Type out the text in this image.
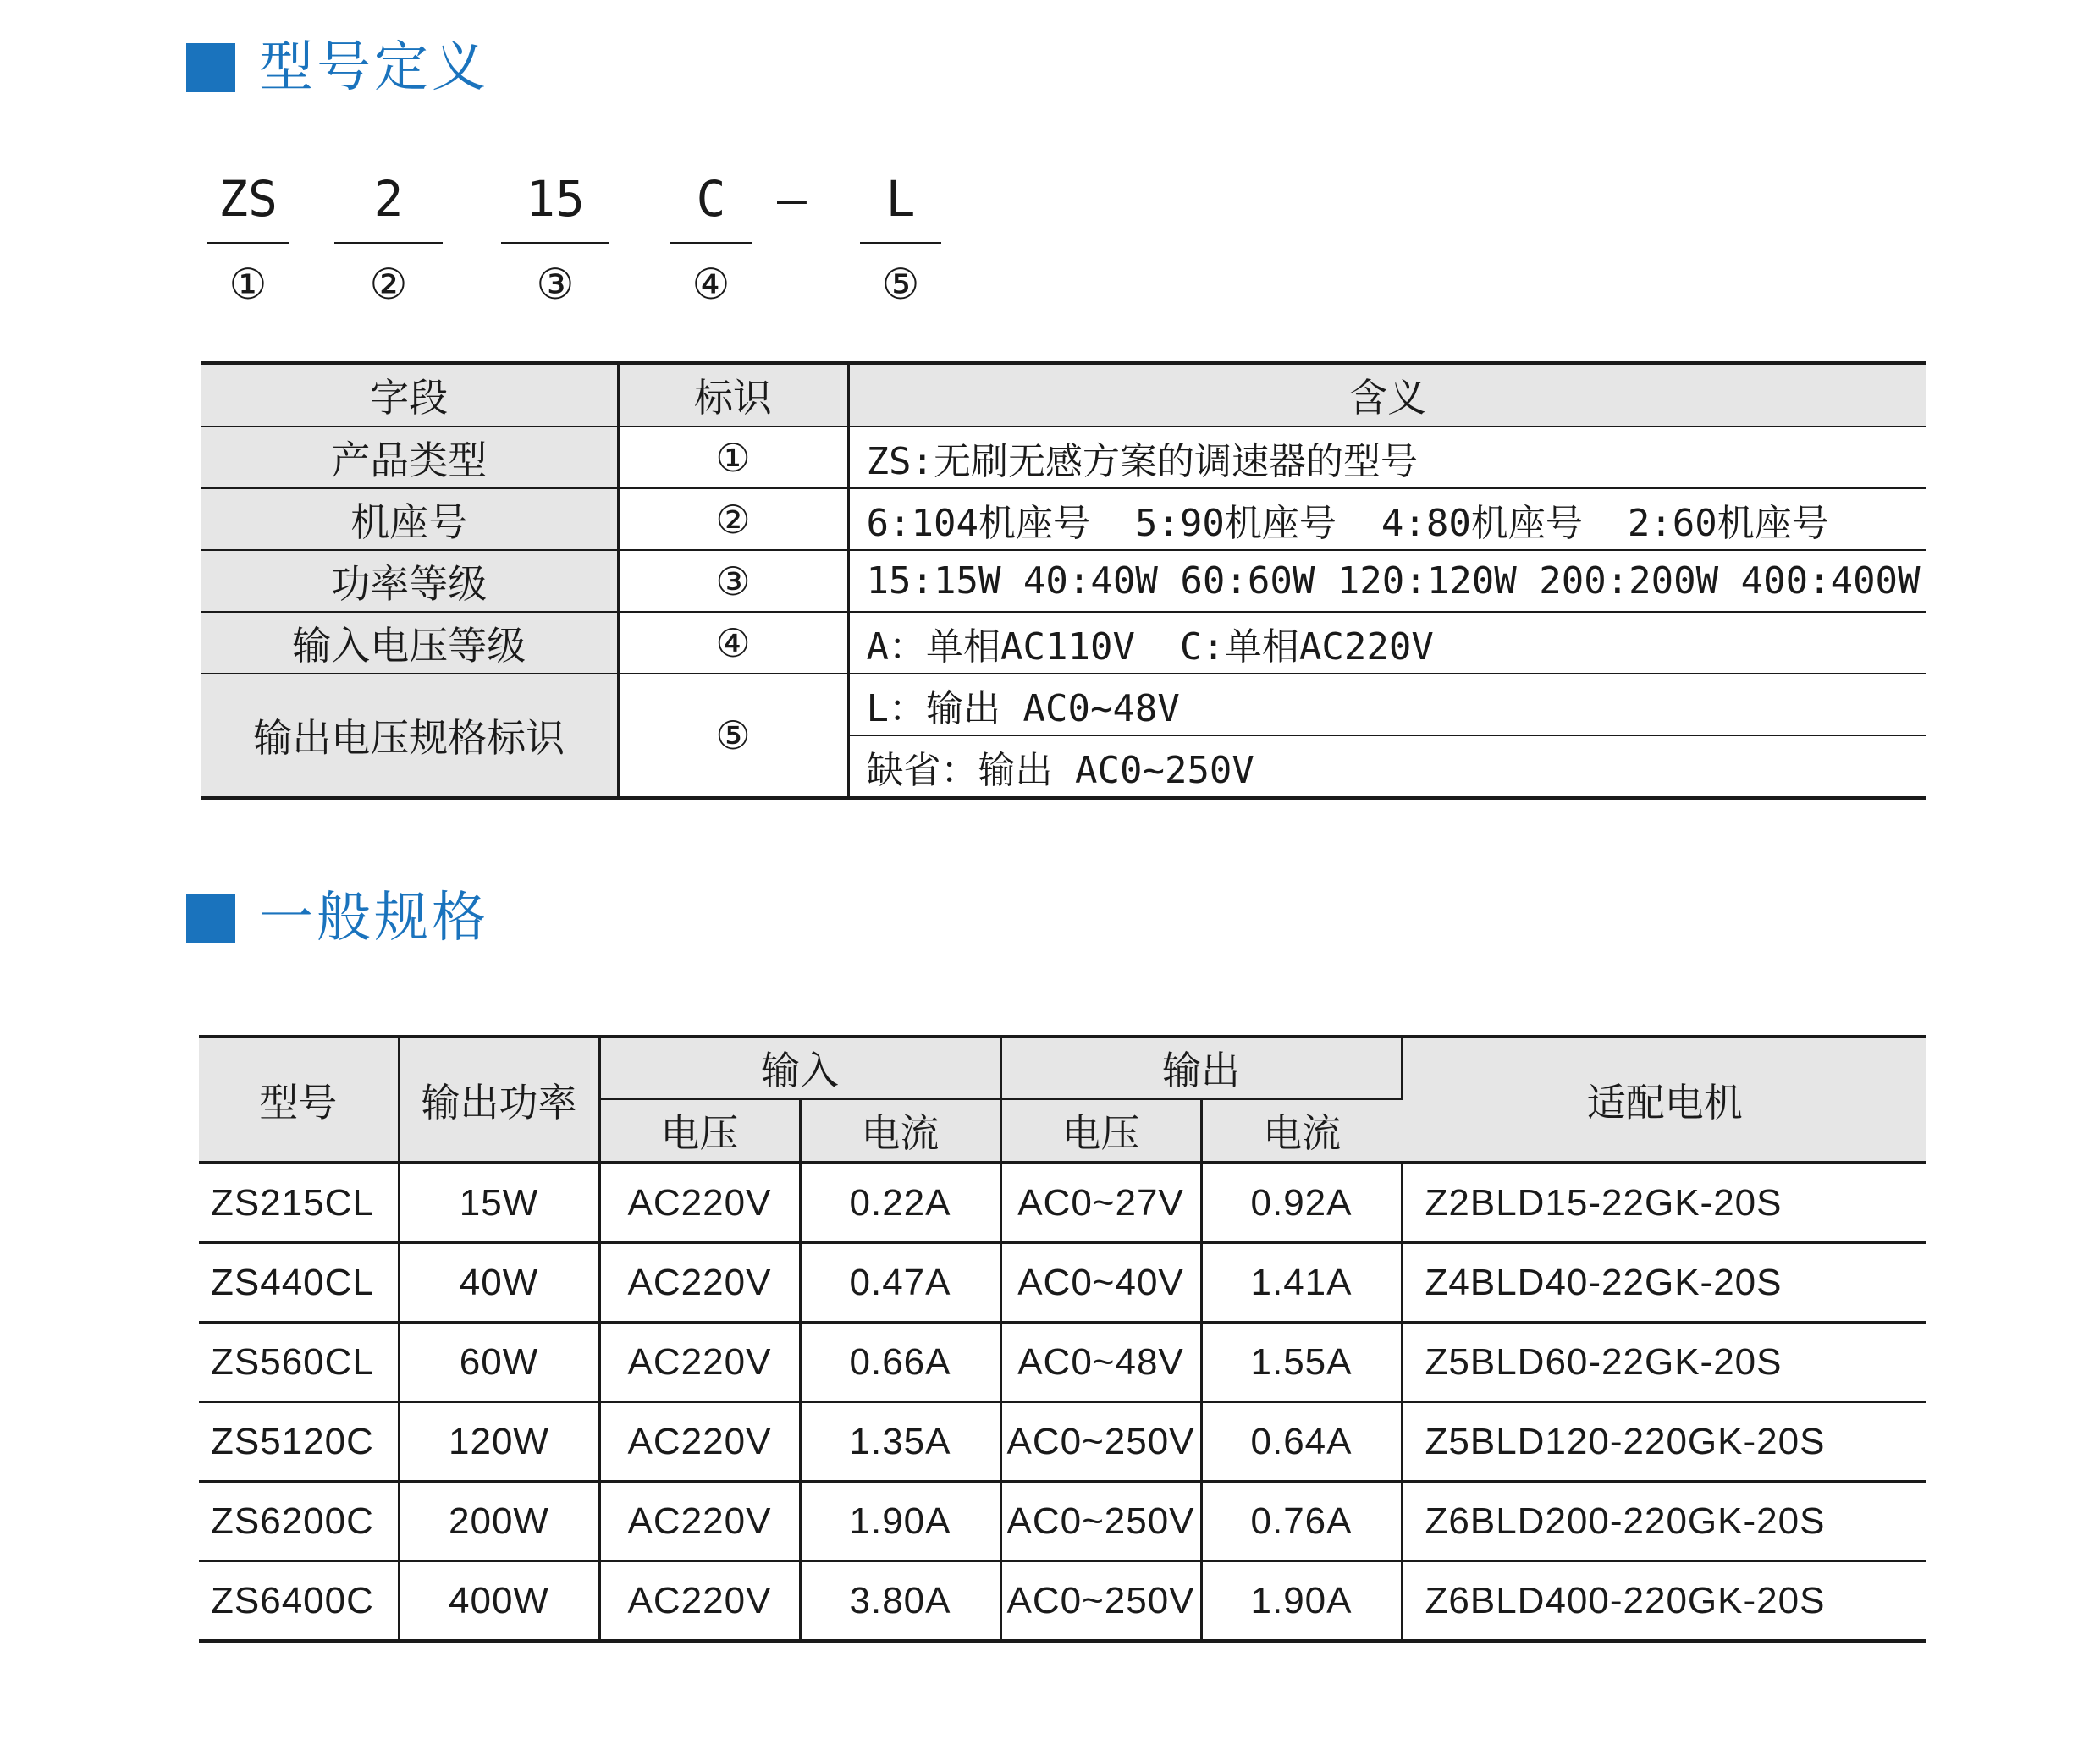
型号定义
ZS
①
2
②
15
③
C
④
—	L
⑤
字段	标识	含义
产品类型	①	ZS:无刷无感方案的调速器的型号
机座号	②	6:104机座号  5:90机座号  4:80机座号  2:60机座号
功率等级	③	15:15W 40:40W 60:60W 120:120W 200:200W 400:400W
输入电压等级	④	A：单相AC110V  C:单相AC220V
输出电压规格标识	⑤	L：输出 AC0~48V
		缺省：输出 AC0~250V
一般规格
型号	输出功率	输入		输出		适配电机
		电压	电流	电压	电流	
ZS215CL	15W	AC220V	0.22A	AC0~27V	0.92A	Z2BLD15-22GK-20S
ZS440CL	40W	AC220V	0.47A	AC0~40V	1.41A	Z4BLD40-22GK-20S
ZS560CL	60W	AC220V	0.66A	AC0~48V	1.55A	Z5BLD60-22GK-20S
ZS5120C	120W	AC220V	1.35A	AC0~250V	0.64A	Z5BLD120-220GK-20S
ZS6200C	200W	AC220V	1.90A	AC0~250V	0.76A	Z6BLD200-220GK-20S
ZS6400C	400W	AC220V	3.80A	AC0~250V	1.90A	Z6BLD400-220GK-20S
